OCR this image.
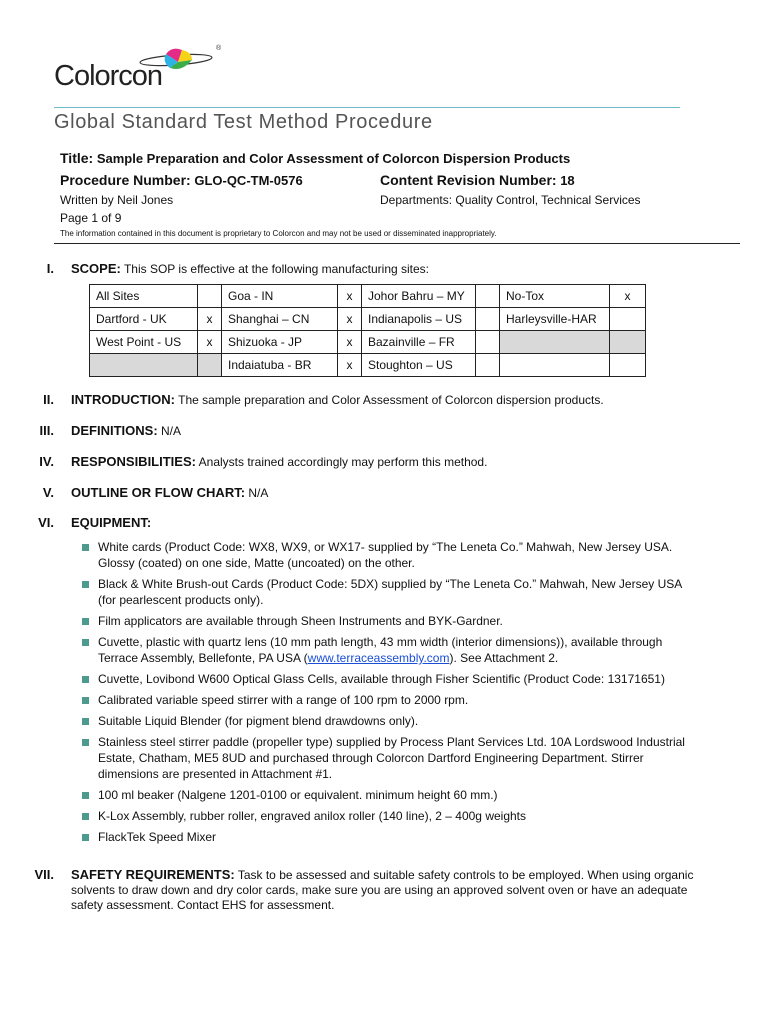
®
Colorcon
Global Standard Test Method Procedure
Title: Sample Preparation and Color Assessment of Colorcon Dispersion Products
Procedure Number: GLO-QC-TM-0576	Content Revision Number: 18
Written by Neil Jones	Departments: Quality Control, Technical Services
Page 1 of 9
The information contained in this document is proprietary to Colorcon and may not be used or disseminated inappropriately.
I. SCOPE: This SOP is effective at the following manufacturing sites:
All Sites		Goa - IN	x	Johor Bahru – MY		No-Tox	x
Dartford - UK	x	Shanghai – CN	x	Indianapolis – US		Harleysville-HAR	
West Point - US	x	Shizuoka - JP	x	Bazainville – FR			
		Indaiatuba - BR	x	Stoughton – US			
II. INTRODUCTION: The sample preparation and Color Assessment of Colorcon dispersion products.
III. DEFINITIONS: N/A
IV. RESPONSIBILITIES: Analysts trained accordingly may perform this method.
V. OUTLINE OR FLOW CHART: N/A
VI. EQUIPMENT:
White cards (Product Code: WX8, WX9, or WX17- supplied by “The Leneta Co.” Mahwah, New Jersey USA. Glossy (coated) on one side, Matte (uncoated) on the other.
Black & White Brush-out Cards (Product Code: 5DX) supplied by “The Leneta Co.” Mahwah, New Jersey USA (for pearlescent products only).
Film applicators are available through Sheen Instruments and BYK-Gardner.
Cuvette, plastic with quartz lens (10 mm path length, 43 mm width (interior dimensions)), available through Terrace Assembly, Bellefonte, PA USA (www.terraceassembly.com). See Attachment 2.
Cuvette, Lovibond W600 Optical Glass Cells, available through Fisher Scientific (Product Code: 13171651)
Calibrated variable speed stirrer with a range of 100 rpm to 2000 rpm.
Suitable Liquid Blender (for pigment blend drawdowns only).
Stainless steel stirrer paddle (propeller type) supplied by Process Plant Services Ltd. 10A Lordswood Industrial Estate, Chatham, ME5 8UD and purchased through Colorcon Dartford Engineering Department. Stirrer dimensions are presented in Attachment #1.
100 ml beaker (Nalgene 1201-0100 or equivalent. minimum height 60 mm.)
K-Lox Assembly, rubber roller, engraved anilox roller (140 line), 2 – 400g weights
FlackTek Speed Mixer
VII. SAFETY REQUIREMENTS: Task to be assessed and suitable safety controls to be employed. When using organic solvents to draw down and dry color cards, make sure you are using an approved solvent oven or have an adequate safety assessment. Contact EHS for assessment.
